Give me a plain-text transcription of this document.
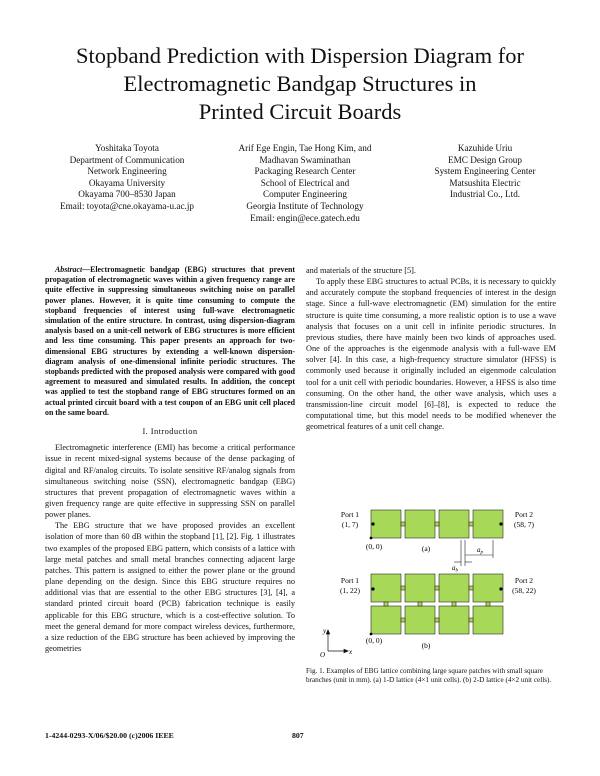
Stopband Prediction with Dispersion Diagram for
Electromagnetic Bandgap Structures in
Printed Circuit Boards
Yoshitaka Toyota
Department of Communication
Network Engineering
Okayama University
Okayama 700–8530 Japan
Email: toyota@cne.okayama-u.ac.jp
Arif Ege Engin, Tae Hong Kim, and
Madhavan Swaminathan
Packaging Research Center
School of Electrical and
Computer Engineering
Georgia Institute of Technology
Email: engin@ece.gatech.edu
Kazuhide Uriu
EMC Design Group
System Engineering Center
Matsushita Electric
Industrial Co., Ltd.

Abstract—Electromagnetic bandgap (EBG) structures that prevent propagation of electromagnetic waves within a given frequency range are quite effective in suppressing simultaneous switching noise on parallel power planes. However, it is quite time consuming to compute the stopband frequencies of interest using full-wave electromagnetic simulation of the entire structure. In contrast, using dispersion-diagram analysis based on a unit-cell network of EBG structures is more efficient and less time consuming. This paper presents an approach for two-dimensional EBG structures by extending a well-known dispersion-diagram analysis of one-dimensional infinite periodic structures. The stopbands predicted with the proposed analysis were compared with good agreement to measured and simulated results. In addition, the concept was applied to test the stopband range of EBG structures formed on an actual printed circuit board with a test coupon of an EBG unit cell placed on the same board.

I. Introduction

Electromagnetic interference (EMI) has become a critical performance issue in recent mixed-signal systems because of the dense packaging of digital and RF/analog circuits. To isolate sensitive RF/analog signals from simultaneous switching noise (SSN), electromagnetic bandgap (EBG) structures that prevent propagation of electromagnetic waves within a given frequency range are quite effective in suppressing SSN on parallel power planes.

The EBG structure that we have proposed provides an excellent isolation of more than 60 dB within the stopband [1], [2]. Fig. 1 illustrates two examples of the proposed EBG pattern, which consists of a lattice with large metal patches and small metal branches connecting adjacent large patches. This pattern is assigned to either the power plane or the ground plane depending on the design. Since this EBG structure requires no additional vias that are essential to the other EBG structures [3], [4], a standard printed circuit board (PCB) fabrication technique is easily applicable for this EBG structure, which is a cost-effective solution. To meet the general demand for more compact wireless devices, furthermore, a size reduction of the EBG structure has been achieved by improving the geometries

and materials of the structure [5].

To apply these EBG structures to actual PCBs, it is necessary to quickly and accurately compute the stopband frequencies of interest in the design stage. Since a full-wave electromagnetic (EM) simulation for the entire structure is quite time consuming, a more realistic option is to use a wave analysis that focuses on a unit cell in infinite periodic structures. In previous studies, there have mainly been two kinds of approaches used. One of the approaches is the eigenmode analysis with a full-wave EM solver [4]. In this case, a high-frequency structure simulator (HFSS) is commonly used because it originally included an eigenmode calculation tool for a unit cell with periodic boundaries. However, a HFSS is also time consuming. On the other hand, the other wave analysis, which uses a transmission-line circuit model [6]–[8], is expected to reduce the computational time, but this model needs to be modified whenever the geometrical features of a unit cell change.

Port 1
(1, 7)
Port 2
(58, 7)
(0, 0)	(a)
$a_b$
$a_p$
Port 1
(1, 22)
Port 2
(58, 22)
(0, 0)
(b)
y
x
O
Fig. 1. Examples of EBG lattice combining large square patches with small square branches (unit in mm). (a) 1-D lattice (4×1 unit cells). (b) 2-D lattice (4×2 unit cells).
1-4244-0293-X/06/$20.00 (c)2006 IEEE	807
